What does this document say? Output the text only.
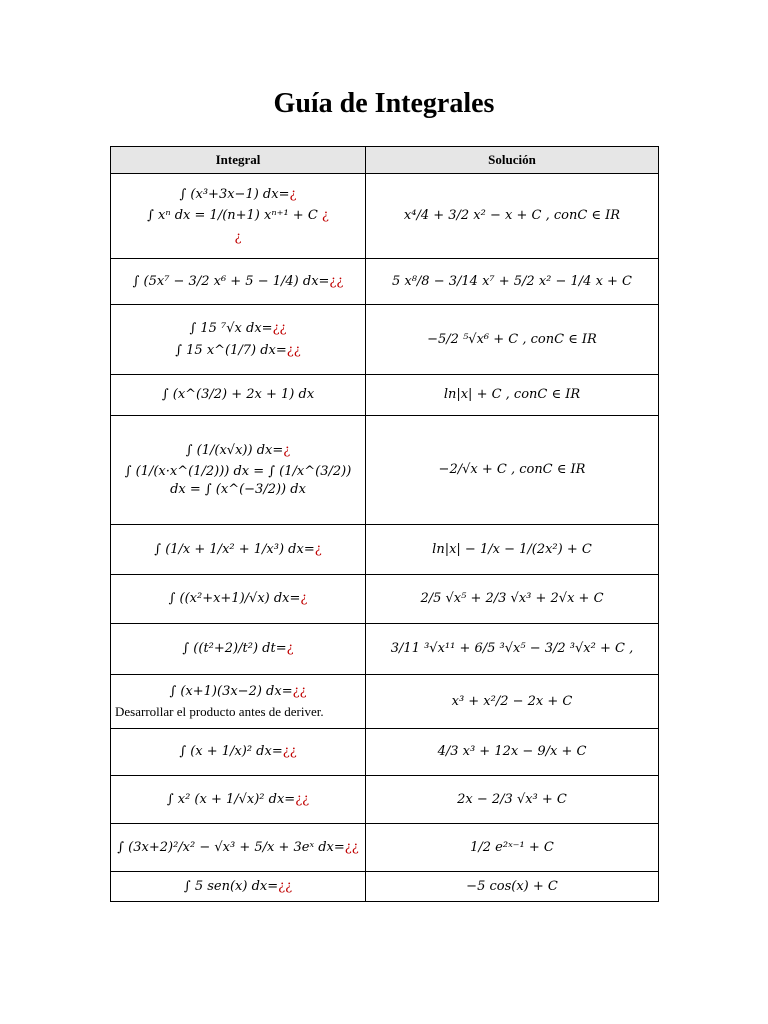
Guía de Integrales
Integral	Solución

∫ (x³+3x−1) dx=¿
∫ xⁿ dx = 1/(n+1) xⁿ⁺¹ + C ¿
¿	x⁴/4 + 3/2 x² − x + C , conC ∈ IR

∫ (5x⁷ − 3/2 x⁶ + 5 − 1/4) dx=¿¿	5 x⁸/8 − 3/14 x⁷ + 5/2 x² − 1/4 x + C

∫ 15 ⁷√x dx=¿¿
∫ 15 x^(1/7) dx=¿¿	−5/2 ⁵√x⁶ + C , conC ∈ IR

∫ (x^(3/2) + 2x + 1) dx	ln|x| + C , conC ∈ IR

∫ (1/(x√x)) dx=¿
∫ (1/(x·x^(1/2))) dx = ∫ (1/x^(3/2)) dx = ∫ (x^(−3/2)) dx	−2/√x + C , conC ∈ IR

∫ (1/x + 1/x² + 1/x³) dx=¿	ln|x| − 1/x − 1/(2x²) + C

∫ ((x²+x+1)/√x) dx=¿	2/5 √x⁵ + 2/3 √x³ + 2√x + C

∫ ((t²+2)/t²) dt=¿	3/11 ³√x¹¹ + 6/5 ³√x⁵ − 3/2 ³√x² + C ,

∫ (x+1)(3x−2) dx=¿¿
Desarrollar el producto antes de deriver.	x³ + x²/2 − 2x + C

∫ (x + 1/x)² dx=¿¿	4/3 x³ + 12x − 9/x + C

∫ x² (x + 1/√x)² dx=¿¿	2x − 2/3 √x³ + C

∫ (3x+2)²/x² − √x³ + 5/x + 3eˣ dx=¿¿	1/2 e²ˣ⁻¹ + C

∫ 5 sen(x) dx=¿¿	−5 cos(x) + C
